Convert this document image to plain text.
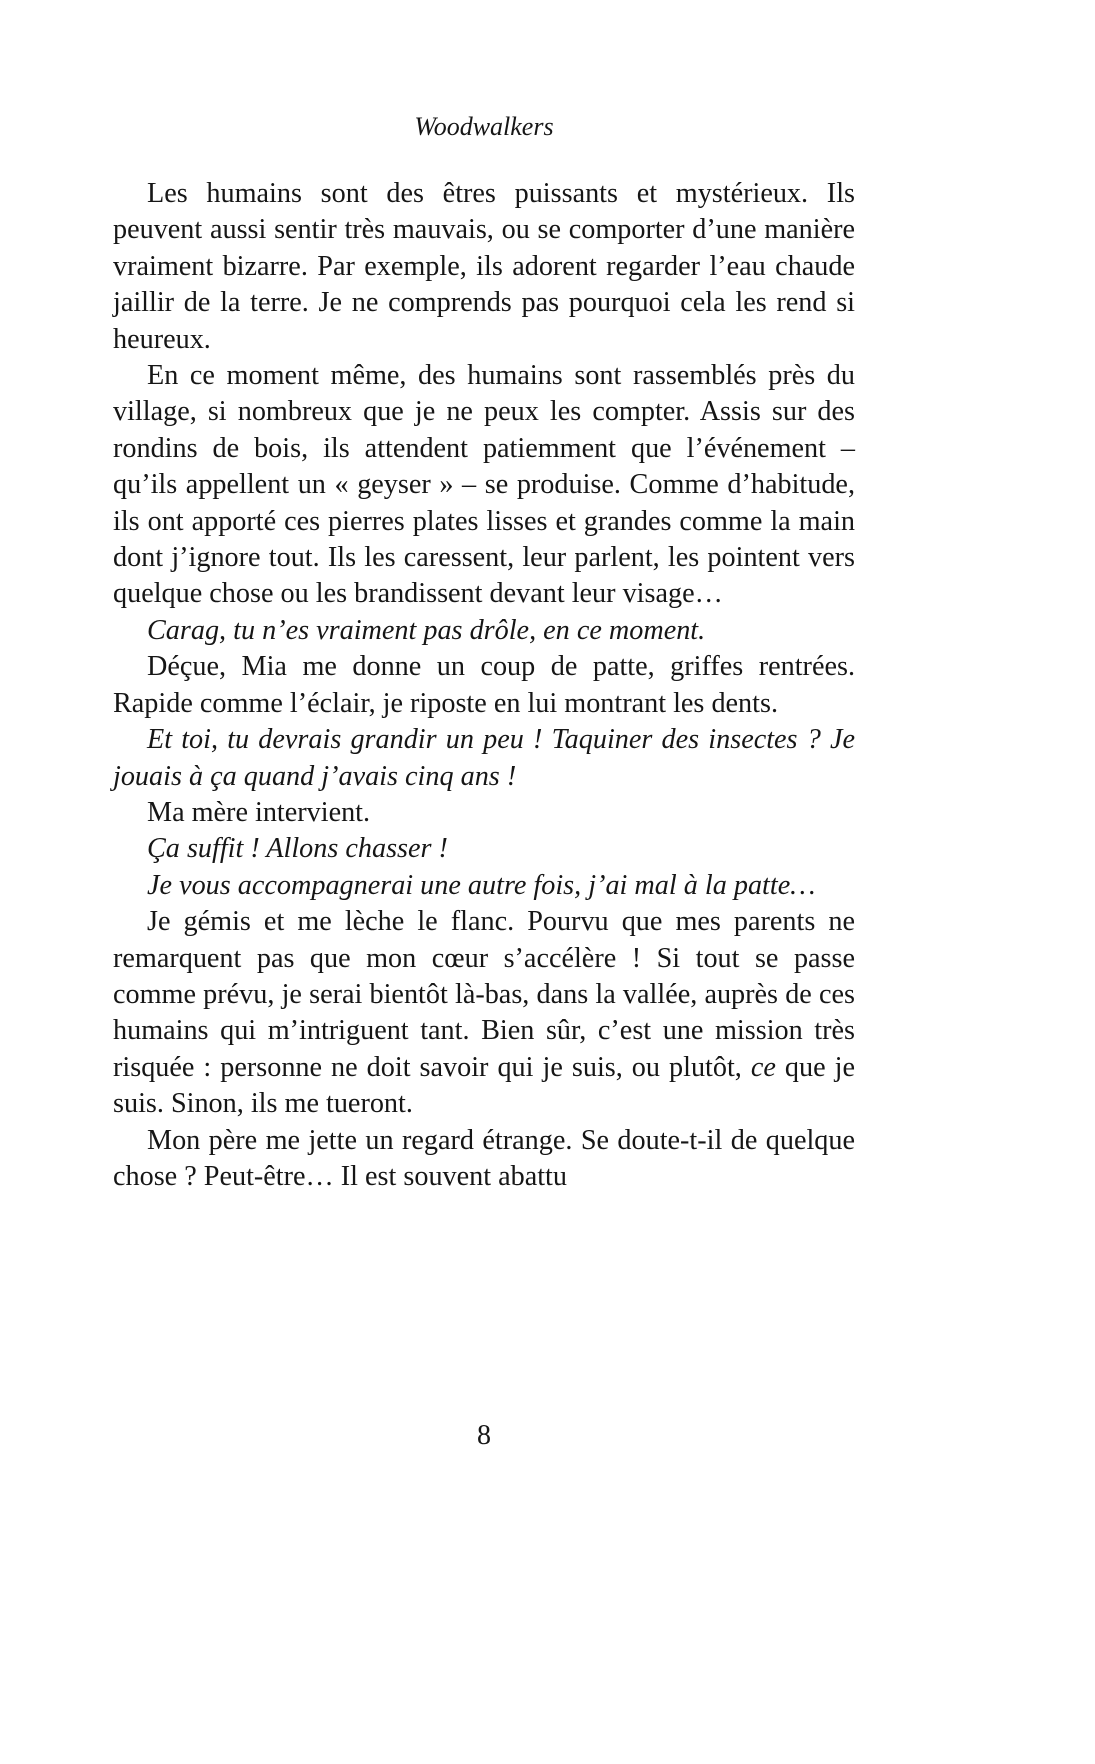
Woodwalkers

Les humains sont des êtres puissants et mystérieux. Ils peuvent aussi sentir très mauvais, ou se comporter d’une manière vraiment bizarre. Par exemple, ils adorent regarder l’eau chaude jaillir de la terre. Je ne comprends pas pourquoi cela les rend si heureux.

En ce moment même, des humains sont rassemblés près du village, si nombreux que je ne peux les compter. Assis sur des rondins de bois, ils attendent patiemment que l’événement – qu’ils appellent un « geyser » – se produise. Comme d’habitude, ils ont apporté ces pierres plates lisses et grandes comme la main dont j’ignore tout. Ils les caressent, leur parlent, les pointent vers quelque chose ou les brandissent devant leur visage…

Carag, tu n’es vraiment pas drôle, en ce moment.

Déçue, Mia me donne un coup de patte, griffes rentrées. Rapide comme l’éclair, je riposte en lui montrant les dents.

Et toi, tu devrais grandir un peu ! Taquiner des insectes ? Je jouais à ça quand j’avais cinq ans !

Ma mère intervient.

Ça suffit ! Allons chasser !

Je vous accompagnerai une autre fois, j’ai mal à la patte…

Je gémis et me lèche le flanc. Pourvu que mes parents ne remarquent pas que mon cœur s’accélère ! Si tout se passe comme prévu, je serai bientôt là-bas, dans la vallée, auprès de ces humains qui m’intriguent tant. Bien sûr, c’est une mission très risquée : personne ne doit savoir qui je suis, ou plutôt, ce que je suis. Sinon, ils me tueront.

Mon père me jette un regard étrange. Se doute-t-il de quelque chose ? Peut-être… Il est souvent abattu

8
